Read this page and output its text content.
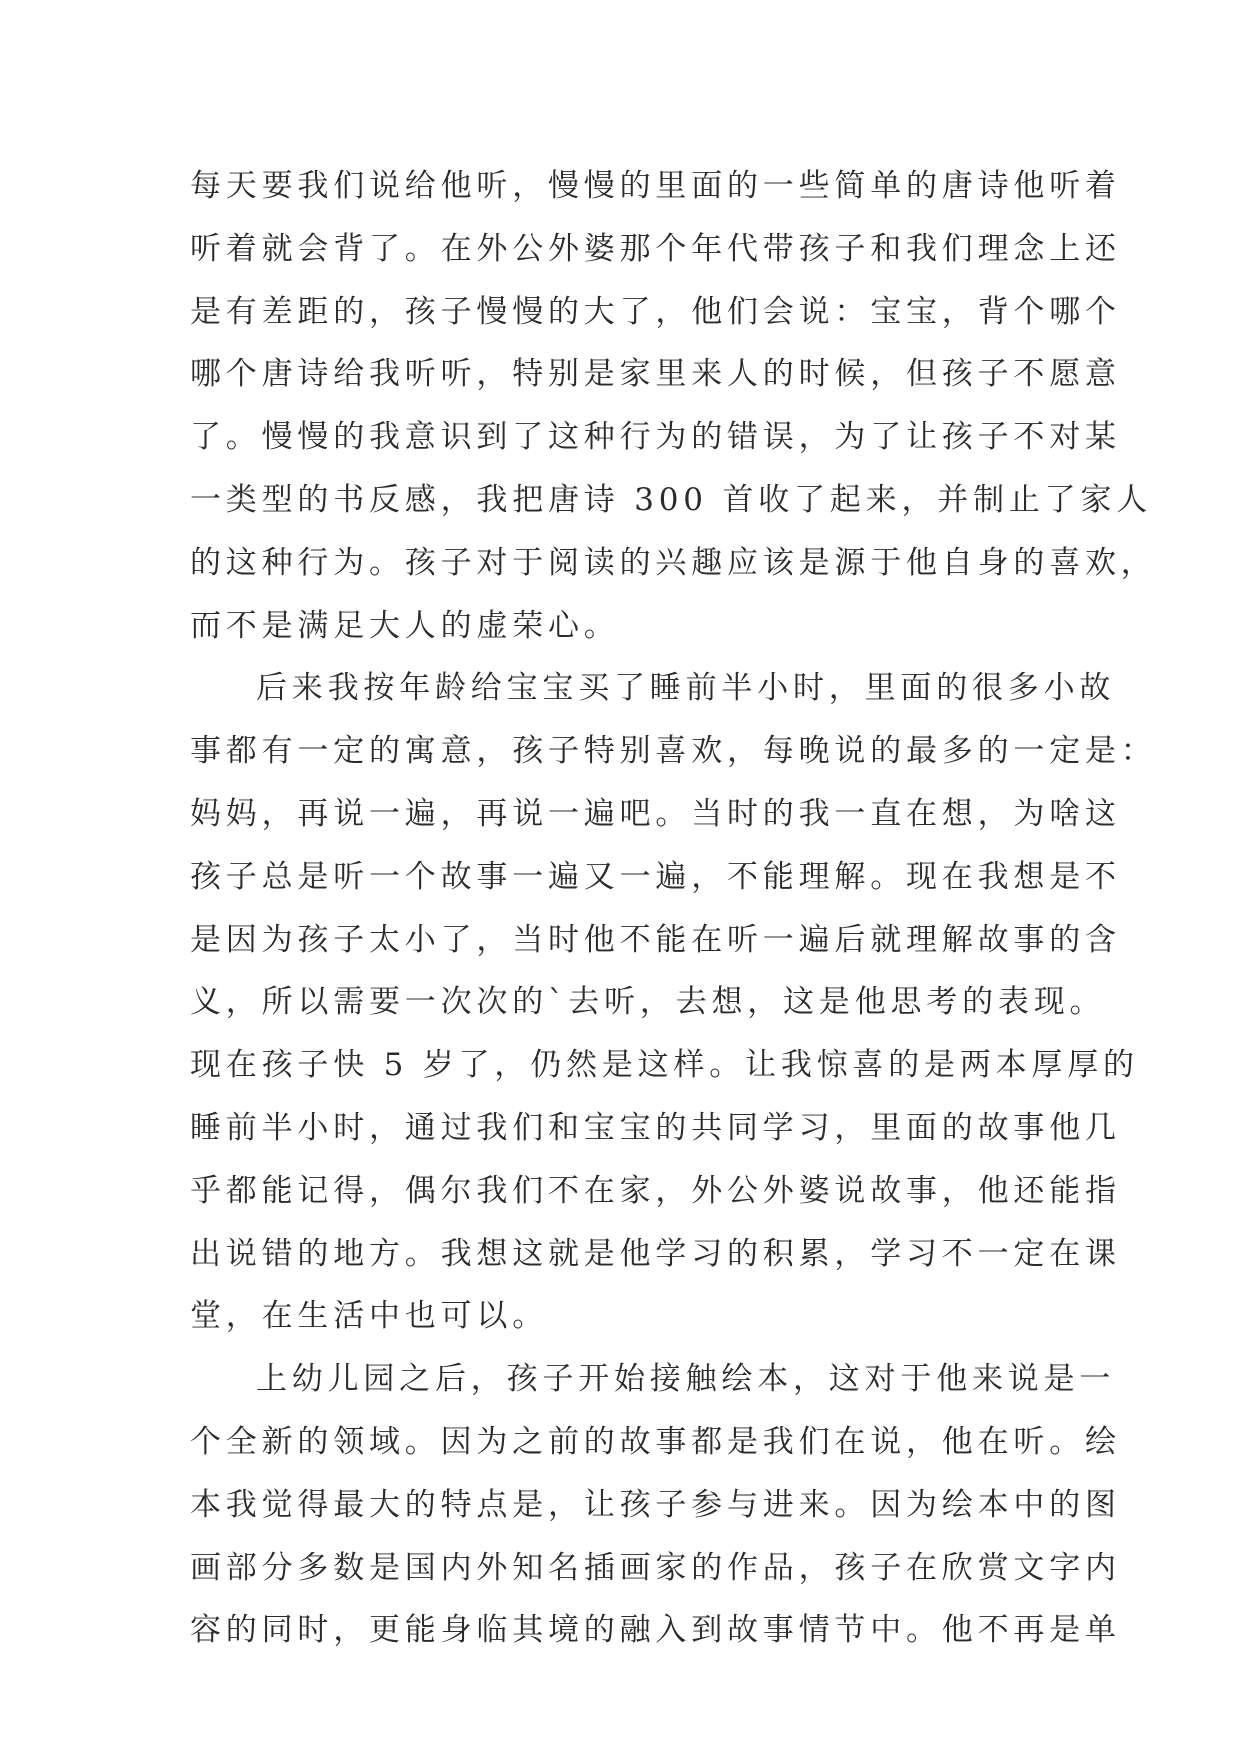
每天要我们说给他听，慢慢的里面的一些简单的唐诗他听着
听着就会背了。在外公外婆那个年代带孩子和我们理念上还
是有差距的，孩子慢慢的大了，他们会说：宝宝，背个哪个
哪个唐诗给我听听，特别是家里来人的时候，但孩子不愿意
了。慢慢的我意识到了这种行为的错误，为了让孩子不对某
一类型的书反感，我把唐诗 300 首收了起来，并制止了家人
的这种行为。孩子对于阅读的兴趣应该是源于他自身的喜欢，
而不是满足大人的虚荣心。
后来我按年龄给宝宝买了睡前半小时，里面的很多小故
事都有一定的寓意，孩子特别喜欢，每晚说的最多的一定是：
妈妈，再说一遍，再说一遍吧。当时的我一直在想，为啥这
孩子总是听一个故事一遍又一遍，不能理解。现在我想是不
是因为孩子太小了，当时他不能在听一遍后就理解故事的含
义，所以需要一次次的`去听，去想，这是他思考的表现。
现在孩子快 5 岁了，仍然是这样。让我惊喜的是两本厚厚的
睡前半小时，通过我们和宝宝的共同学习，里面的故事他几
乎都能记得，偶尔我们不在家，外公外婆说故事，他还能指
出说错的地方。我想这就是他学习的积累，学习不一定在课
堂，在生活中也可以。
上幼儿园之后，孩子开始接触绘本，这对于他来说是一
个全新的领域。因为之前的故事都是我们在说，他在听。绘
本我觉得最大的特点是，让孩子参与进来。因为绘本中的图
画部分多数是国内外知名插画家的作品，孩子在欣赏文字内
容的同时，更能身临其境的融入到故事情节中。他不再是单
